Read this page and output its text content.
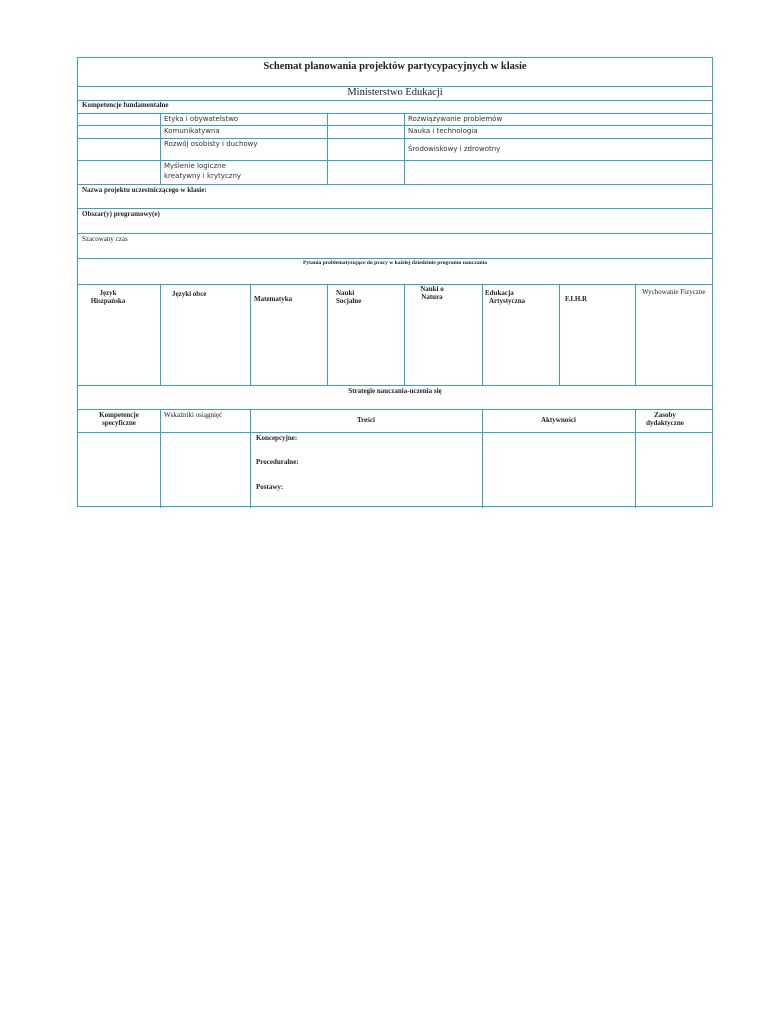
Schemat planowania projektów partycypacyjnych w klasie
Ministerstwo Edukacji
Kompetencje fundamentalne
Etyka i obywatelstwo
Komunikatywna
Rozwój osobisty i duchowy
Myślenie logiczne
kreatywny i krytyczny
Rozwiązywanie problemów
Nauka i technologia
Środowiskowy i zdrowotny
Nazwa projektu uczestniczącego w klasie:
Obszar(y) programowy(e)
Szacowany czas
Pytania problematyzujące do pracy w każdej dziedzinie programu nauczania
Język
Hiszpańska
Języki obce
Matematyka
Nauki
Socjalne
Nauki o
Natura
Edukacja
Artystyczna	F.I.H.R
Wychowanie Fizyczne
Strategie nauczania-uczenia się
Kompetencje
specyficzne
Wskaźniki osiągnięć
Treści	Aktywności
Zasoby
dydaktyczne
Koncepcyjne:
Proceduralne:
Postawy:
